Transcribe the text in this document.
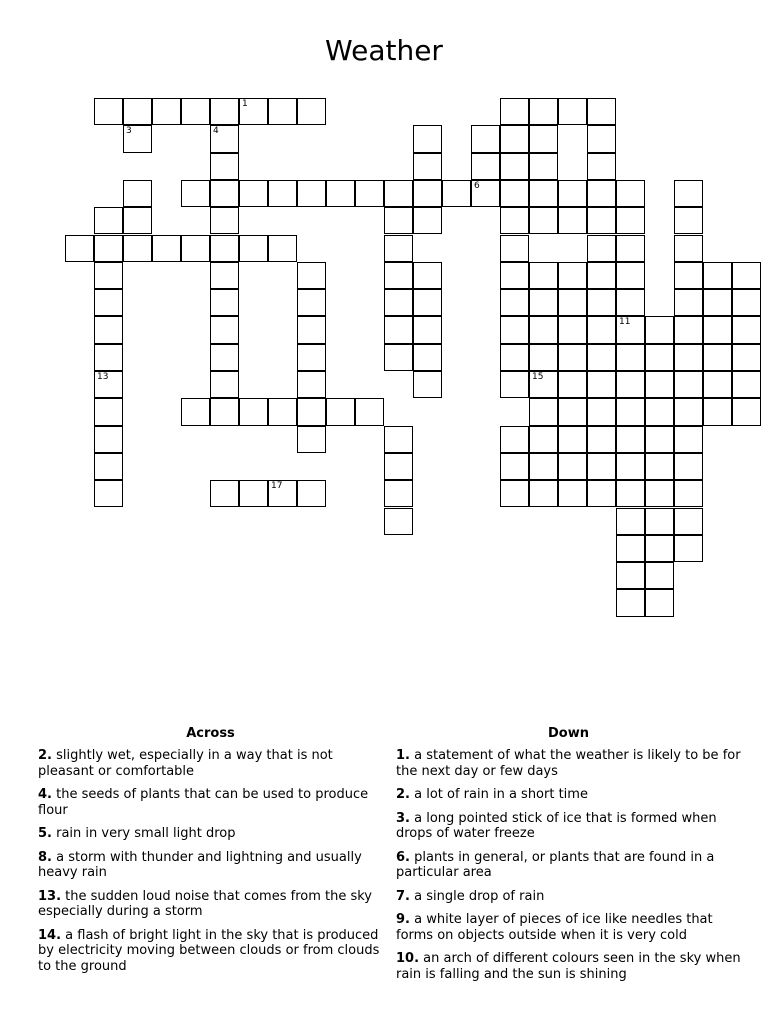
Weather
6
1
17
3	4
15
11
13
Across
2. slightly wet, especially in a way that is not pleasant or comfortable
4. the seeds of plants that can be used to produce flour
5. rain in very small light drop
8. a storm with thunder and lightning and usually heavy rain
13. the sudden loud noise that comes from the sky especially during a storm
14. a flash of bright light in the sky that is produced by electricity moving between clouds or from clouds to the ground
Down
1. a statement of what the weather is likely to be for the next day or few days
2. a lot of rain in a short time
3. a long pointed stick of ice that is formed when drops of water freeze
6. plants in general, or plants that are found in a particular area
7. a single drop of rain
9. a white layer of pieces of ice like needles that forms on objects outside when it is very cold
10. an arch of different colours seen in the sky when rain is falling and the sun is shining
